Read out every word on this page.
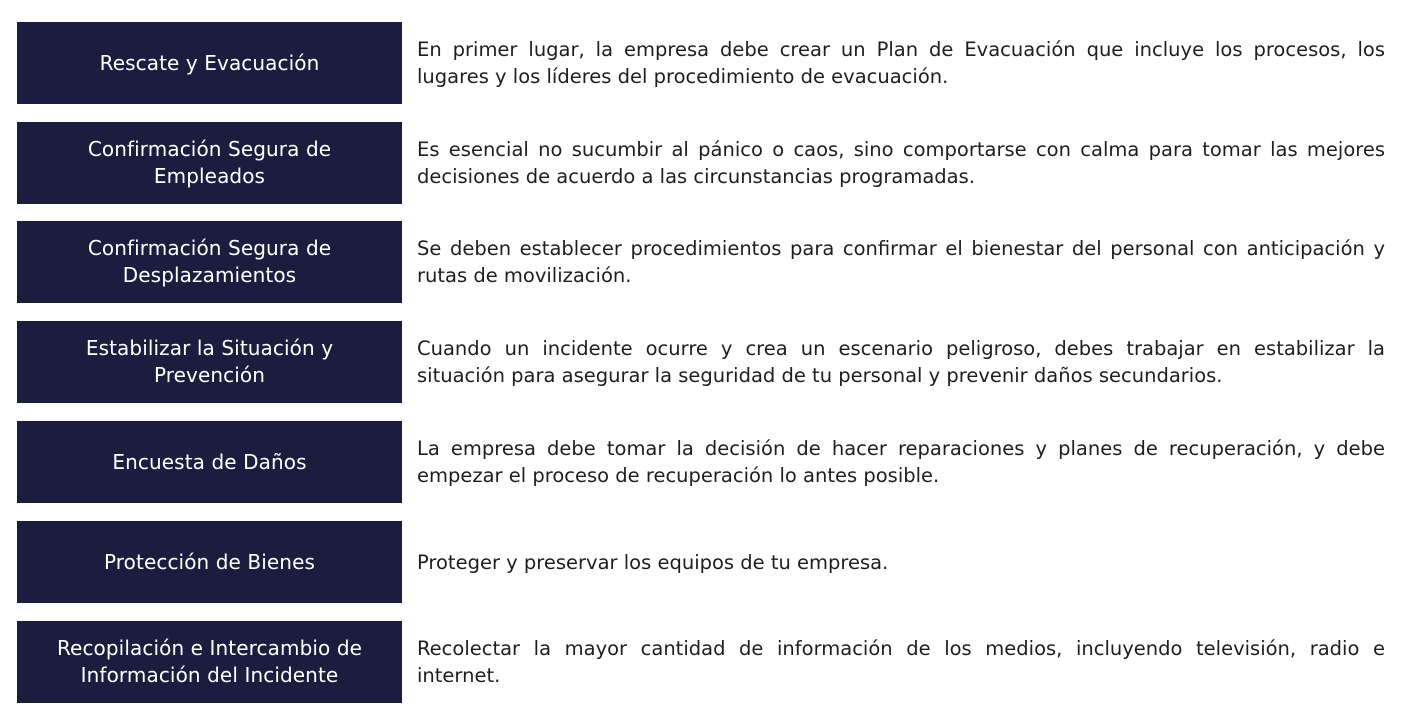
Rescate y Evacuación
En primer lugar, la empresa debe crear un Plan de Evacuación que incluye los procesos, los lugares y los líderes del procedimiento de evacuación.
Confirmación Segura de
Empleados
Es esencial no sucumbir al pánico o caos, sino comportarse con calma para tomar las mejores decisiones de acuerdo a las circunstancias programadas.
Confirmación Segura de
Desplazamientos
Se deben establecer procedimientos para confirmar el bienestar del personal con anticipación y rutas de movilización.
Estabilizar la Situación y
Prevención
Cuando un incidente ocurre y crea un escenario peligroso, debes trabajar en estabilizar la situación para asegurar la seguridad de tu personal y prevenir daños secundarios.
Encuesta de Daños
La empresa debe tomar la decisión de hacer reparaciones y planes de recuperación, y debe empezar el proceso de recuperación lo antes posible.
Protección de Bienes	Proteger y preservar los equipos de tu empresa.
Recopilación e Intercambio de
Información del Incidente
Recolectar la mayor cantidad de información de los medios, incluyendo televisión, radio e internet.
